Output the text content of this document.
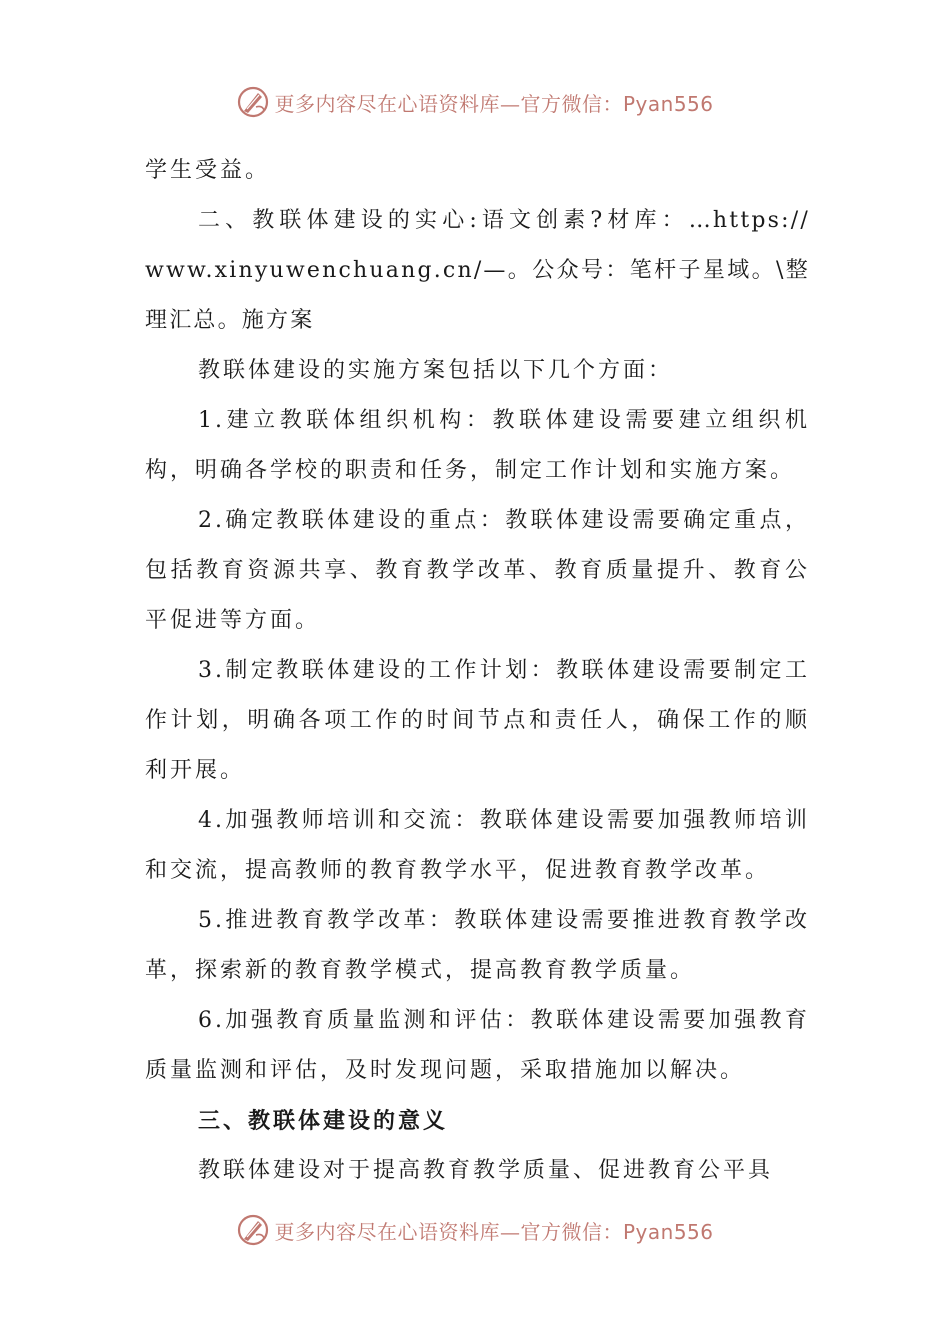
更多内容尽在心语资料库—官方微信：Pyan556

学生受益。

二、教联体建设的实心:语文创素?材库：…https:// www.xinyuwenchuang.cn/—。公众号：笔杆子星域。\整理汇总。施方案

教联体建设的实施方案包括以下几个方面：

1.建立教联体组织机构：教联体建设需要建立组织机构，明确各学校的职责和任务，制定工作计划和实施方案。

2.确定教联体建设的重点：教联体建设需要确定重点，包括教育资源共享、教育教学改革、教育质量提升、教育公平促进等方面。

3.制定教联体建设的工作计划：教联体建设需要制定工作计划，明确各项工作的时间节点和责任人，确保工作的顺利开展。

4.加强教师培训和交流：教联体建设需要加强教师培训和交流，提高教师的教育教学水平，促进教育教学改革。

5.推进教育教学改革：教联体建设需要推进教育教学改革，探索新的教育教学模式，提高教育教学质量。

6.加强教育质量监测和评估：教联体建设需要加强教育质量监测和评估，及时发现问题，采取措施加以解决。

三、教联体建设的意义

教联体建设对于提高教育教学质量、促进教育公平具

更多内容尽在心语资料库—官方微信：Pyan556
